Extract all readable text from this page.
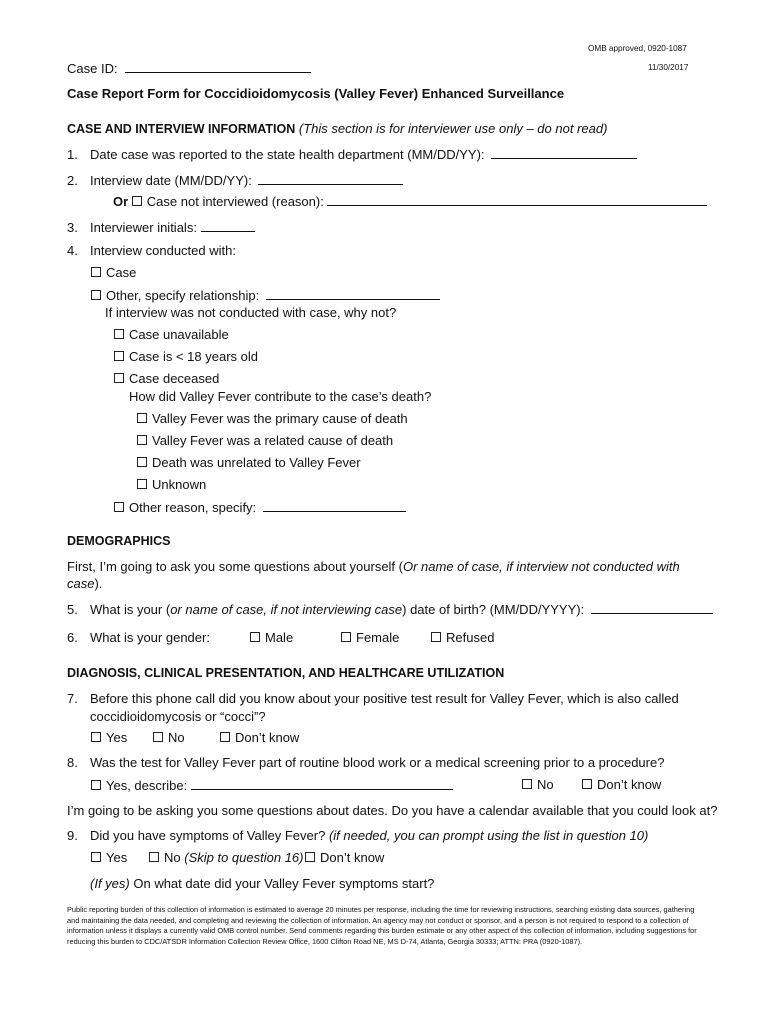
OMB approved, 0920-1087
11/30/2017
Case ID:
Case Report Form for Coccidioidomycosis (Valley Fever) Enhanced Surveillance
CASE AND INTERVIEW INFORMATION (This section is for interviewer use only – do not read)
1. Date case was reported to the state health department (MM/DD/YY):
2. Interview date (MM/DD/YY):
Or Case not interviewed (reason):
3. Interviewer initials:
4. Interview conducted with:
Case
Other, specify relationship:
If interview was not conducted with case, why not?
Case unavailable
Case is < 18 years old
Case deceased
How did Valley Fever contribute to the case’s death?
Valley Fever was the primary cause of death
Valley Fever was a related cause of death
Death was unrelated to Valley Fever
Unknown
Other reason, specify:
DEMOGRAPHICS
First, I’m going to ask you some questions about yourself (Or name of case, if interview not conducted with
case).
5. What is your (or name of case, if not interviewing case) date of birth? (MM/DD/YYYY):
6. What is your gender:	Male	Female	Refused
DIAGNOSIS, CLINICAL PRESENTATION, AND HEALTHCARE UTILIZATION
7. Before this phone call did you know about your positive test result for Valley Fever, which is also called
coccidioidomycosis or “cocci”?
Yes	No	Don’t know
8. Was the test for Valley Fever part of routine blood work or a medical screening prior to a procedure?
Yes, describe:	No	Don’t know
I’m going to be asking you some questions about dates. Do you have a calendar available that you could look at?
9. Did you have symptoms of Valley Fever? (if needed, you can prompt using the list in question 10)
Yes	No (Skip to question 16)	Don’t know
(If yes) On what date did your Valley Fever symptoms start?
Public reporting burden of this collection of information is estimated to average 20 minutes per response, including the time for reviewing instructions, searching existing data sources, gathering and maintaining the data needed, and completing and reviewing the collection of information. An agency may not conduct or sponsor, and a person is not required to respond to a collection of information unless it displays a currently valid OMB control number. Send comments regarding this burden estimate or any other aspect of this collection of information, including suggestions for reducing this burden to CDC/ATSDR Information Collection Review Office, 1600 Clifton Road NE, MS D-74, Atlanta, Georgia 30333; ATTN: PRA (0920-1087).
